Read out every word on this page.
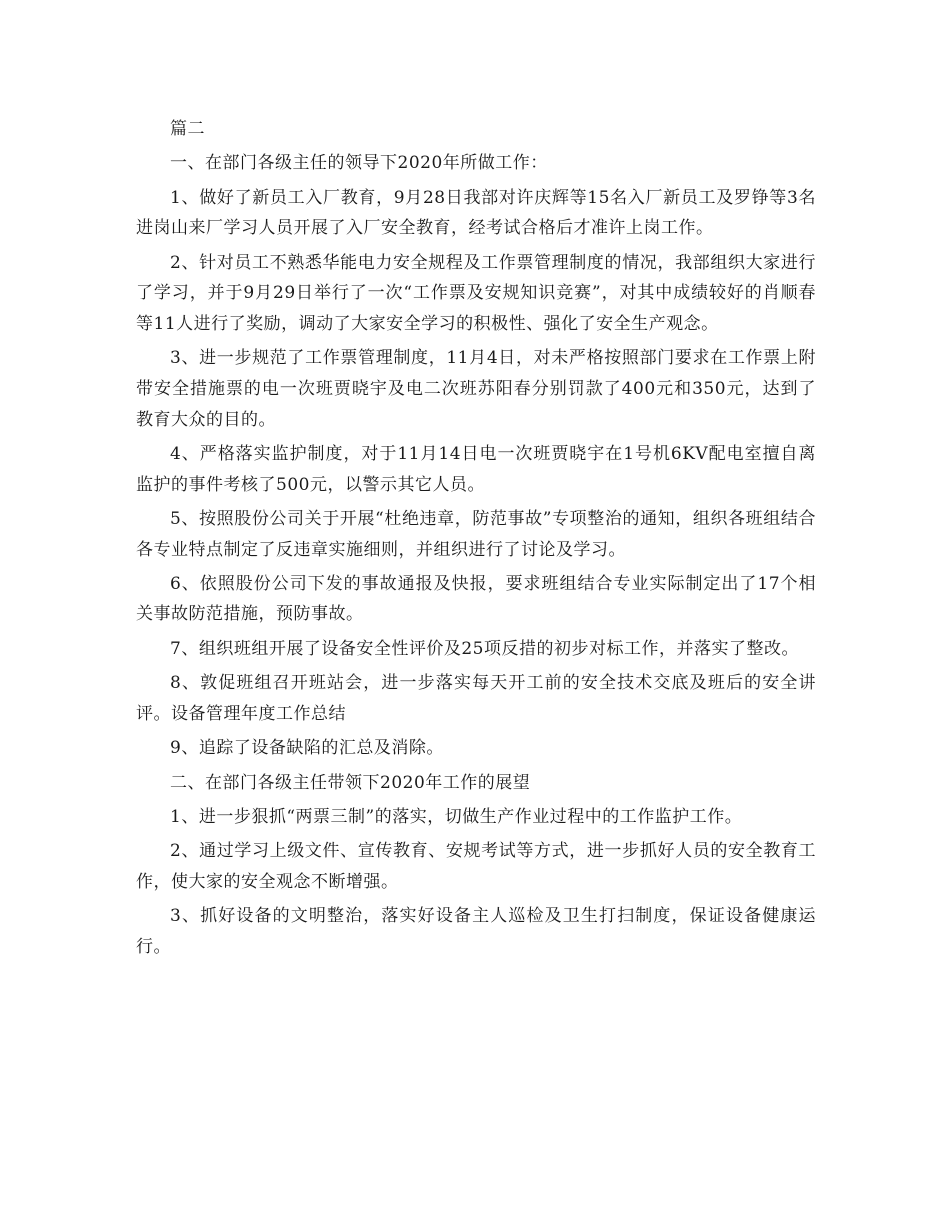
篇二

一、在部门各级主任的领导下2020年所做工作：

1、做好了新员工入厂教育，9月28日我部对许庆辉等15名入厂新员工及罗铮等3名进岗山来厂学习人员开展了入厂安全教育，经考试合格后才准许上岗工作。

2、针对员工不熟悉华能电力安全规程及工作票管理制度的情况，我部组织大家进行了学习，并于9月29日举行了一次“工作票及安规知识竞赛”，对其中成绩较好的肖顺春等11人进行了奖励，调动了大家安全学习的积极性、强化了安全生产观念。

3、进一步规范了工作票管理制度，11月4日，对未严格按照部门要求在工作票上附带安全措施票的电一次班贾晓宇及电二次班苏阳春分别罚款了400元和350元，达到了教育大众的目的。

4、严格落实监护制度，对于11月14日电一次班贾晓宇在1号机6KV配电室擅自离监护的事件考核了500元，以警示其它人员。

5、按照股份公司关于开展“杜绝违章，防范事故”专项整治的通知，组织各班组结合各专业特点制定了反违章实施细则，并组织进行了讨论及学习。

6、依照股份公司下发的事故通报及快报，要求班组结合专业实际制定出了17个相关事故防范措施，预防事故。

7、组织班组开展了设备安全性评价及25项反措的初步对标工作，并落实了整改。

8、敦促班组召开班站会，进一步落实每天开工前的安全技术交底及班后的安全讲评。设备管理年度工作总结

9、追踪了设备缺陷的汇总及消除。

二、在部门各级主任带领下2020年工作的展望

1、进一步狠抓“两票三制”的落实，切做生产作业过程中的工作监护工作。

2、通过学习上级文件、宣传教育、安规考试等方式，进一步抓好人员的安全教育工作，使大家的安全观念不断增强。

3、抓好设备的文明整治，落实好设备主人巡检及卫生打扫制度，保证设备健康运行。
